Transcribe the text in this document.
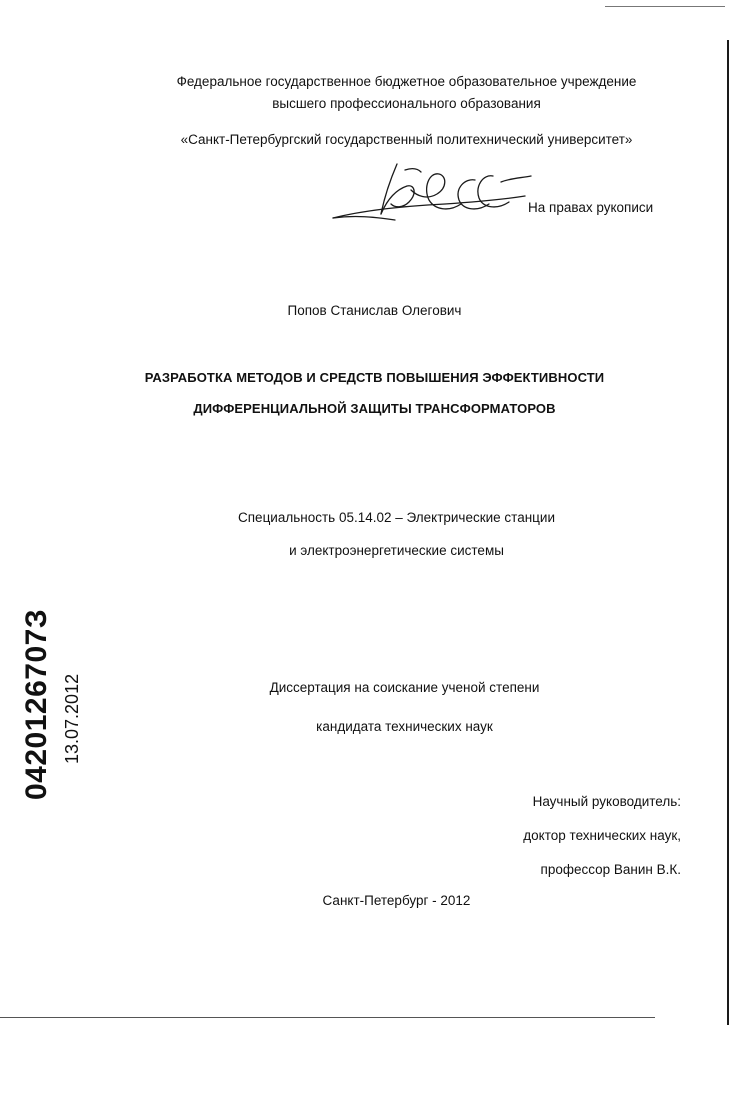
Федеральное государственное бюджетное образовательное учреждение
высшего профессионального образования
«Санкт-Петербургский государственный политехнический университет»
На правах рукописи
Попов Станислав Олегович
РАЗРАБОТКА МЕТОДОВ И СРЕДСТВ ПОВЫШЕНИЯ ЭФФЕКТИВНОСТИ
ДИФФЕРЕНЦИАЛЬНОЙ ЗАЩИТЫ ТРАНСФОРМАТОРОВ
Специальность 05.14.02 – Электрические станции
и электроэнергетические системы
Диссертация на соискание ученой степени
кандидата технических наук
Научный руководитель:
доктор технических наук,
профессор Ванин В.К.
Санкт-Петербург - 2012
0420126707З 13.07.2012
